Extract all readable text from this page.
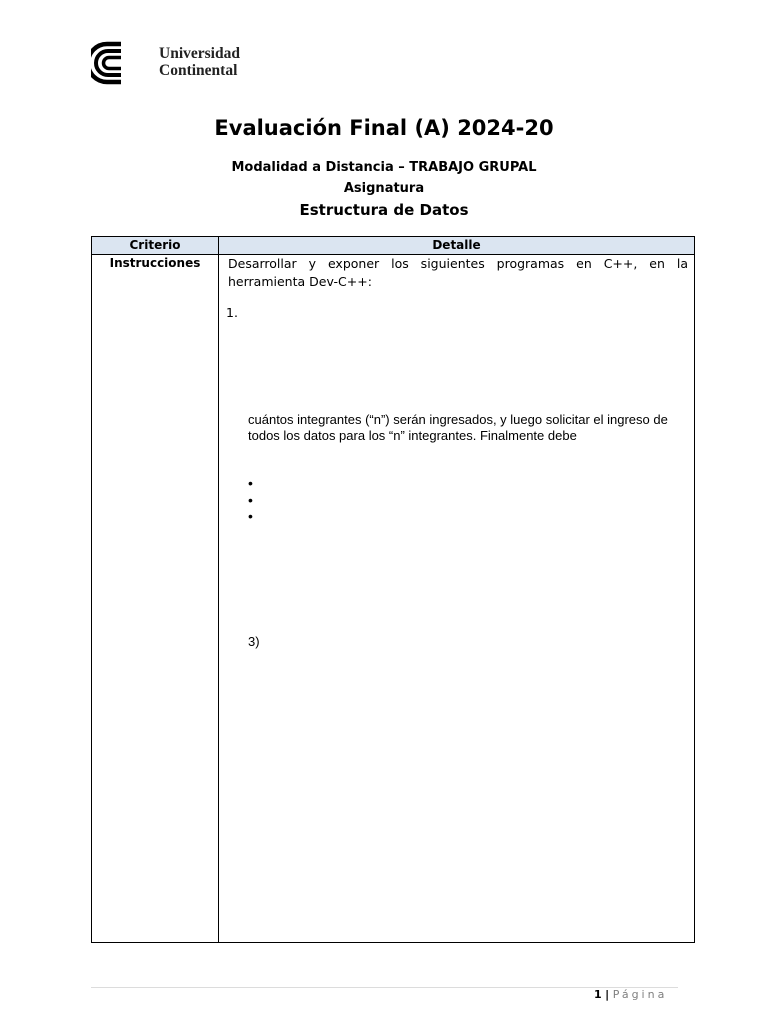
Universidad
Continental
Evaluación Final (A) 2024-20
Modalidad a Distancia – TRABAJO GRUPAL
Asignatura
Estructura de Datos
Criterio	Detalle
Instrucciones	Desarrollar y exponer los siguientes programas en C++, en la herramienta Dev-C++:
1.
cuántos integrantes (“n”) serán ingresados, y luego solicitar el ingreso de todos los datos para los “n” integrantes. Finalmente debe
•
•
•
3)
1 | Página
